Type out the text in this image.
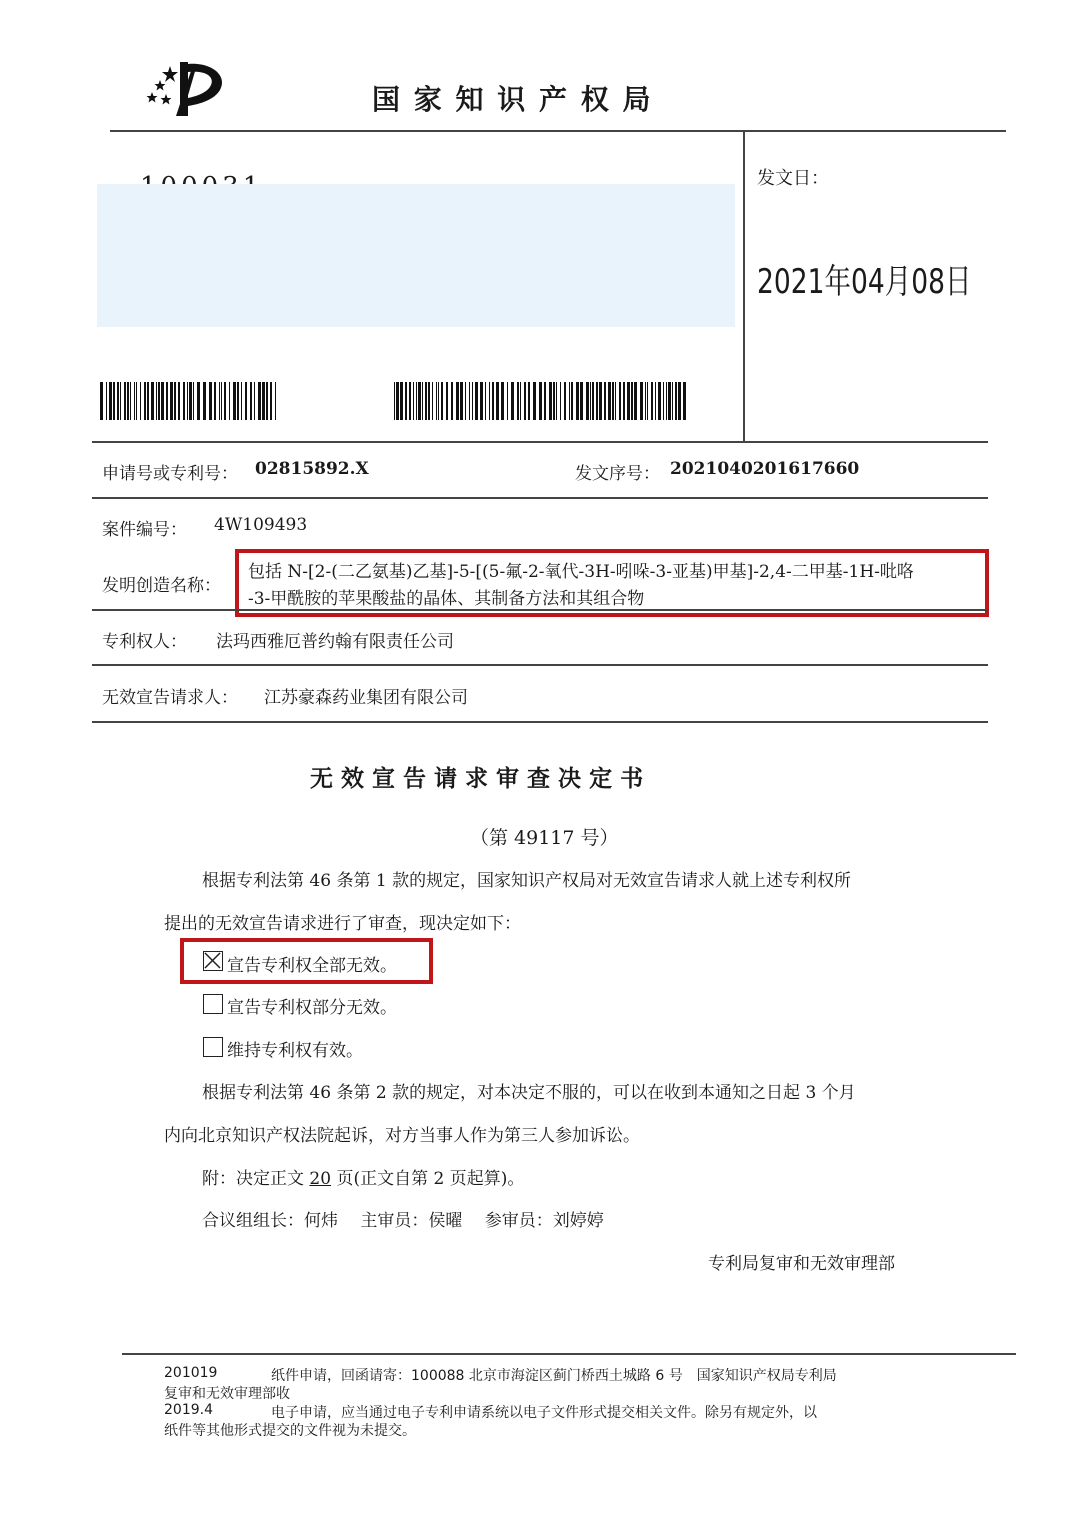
国 家 知 识 产 权 局
发文日：
2021年04月08日
申请号或专利号： 02815892.X	发文序号： 2021040201617660
案件编号： 4W109493
发明创造名称：
包括 N-[2-(二乙氨基)乙基]-5-[(5-氟-2-氧代-3H-吲哚-3-亚基)甲基]-2,4-二甲基-1H-吡咯
-3-甲酰胺的苹果酸盐的晶体、其制备方法和其组合物
专利权人： 法玛西雅厄普约翰有限责任公司
无效宣告请求人： 江苏豪森药业集团有限公司
无 效 宣 告 请 求 审 查 决 定 书
（第 49117 号）
根据专利法第 46 条第 1 款的规定，国家知识产权局对无效宣告请求人就上述专利权所
提出的无效宣告请求进行了审查，现决定如下：
宣告专利权全部无效。
宣告专利权部分无效。
维持专利权有效。
根据专利法第 46 条第 2 款的规定，对本决定不服的，可以在收到本通知之日起 3 个月
内向北京知识产权法院起诉，对方当事人作为第三人参加诉讼。
附：决定正文 20 页(正文自第 2 页起算)。
合议组组长：何炜　 主审员：侯曜　 参审员：刘婷婷
专利局复审和无效审理部
201019	纸件申请，回函请寄：100088 北京市海淀区蓟门桥西土城路 6 号　国家知识产权局专利局
复审和无效审理部收
2019.4	电子申请，应当通过电子专利申请系统以电子文件形式提交相关文件。除另有规定外，以
纸件等其他形式提交的文件视为未提交。
